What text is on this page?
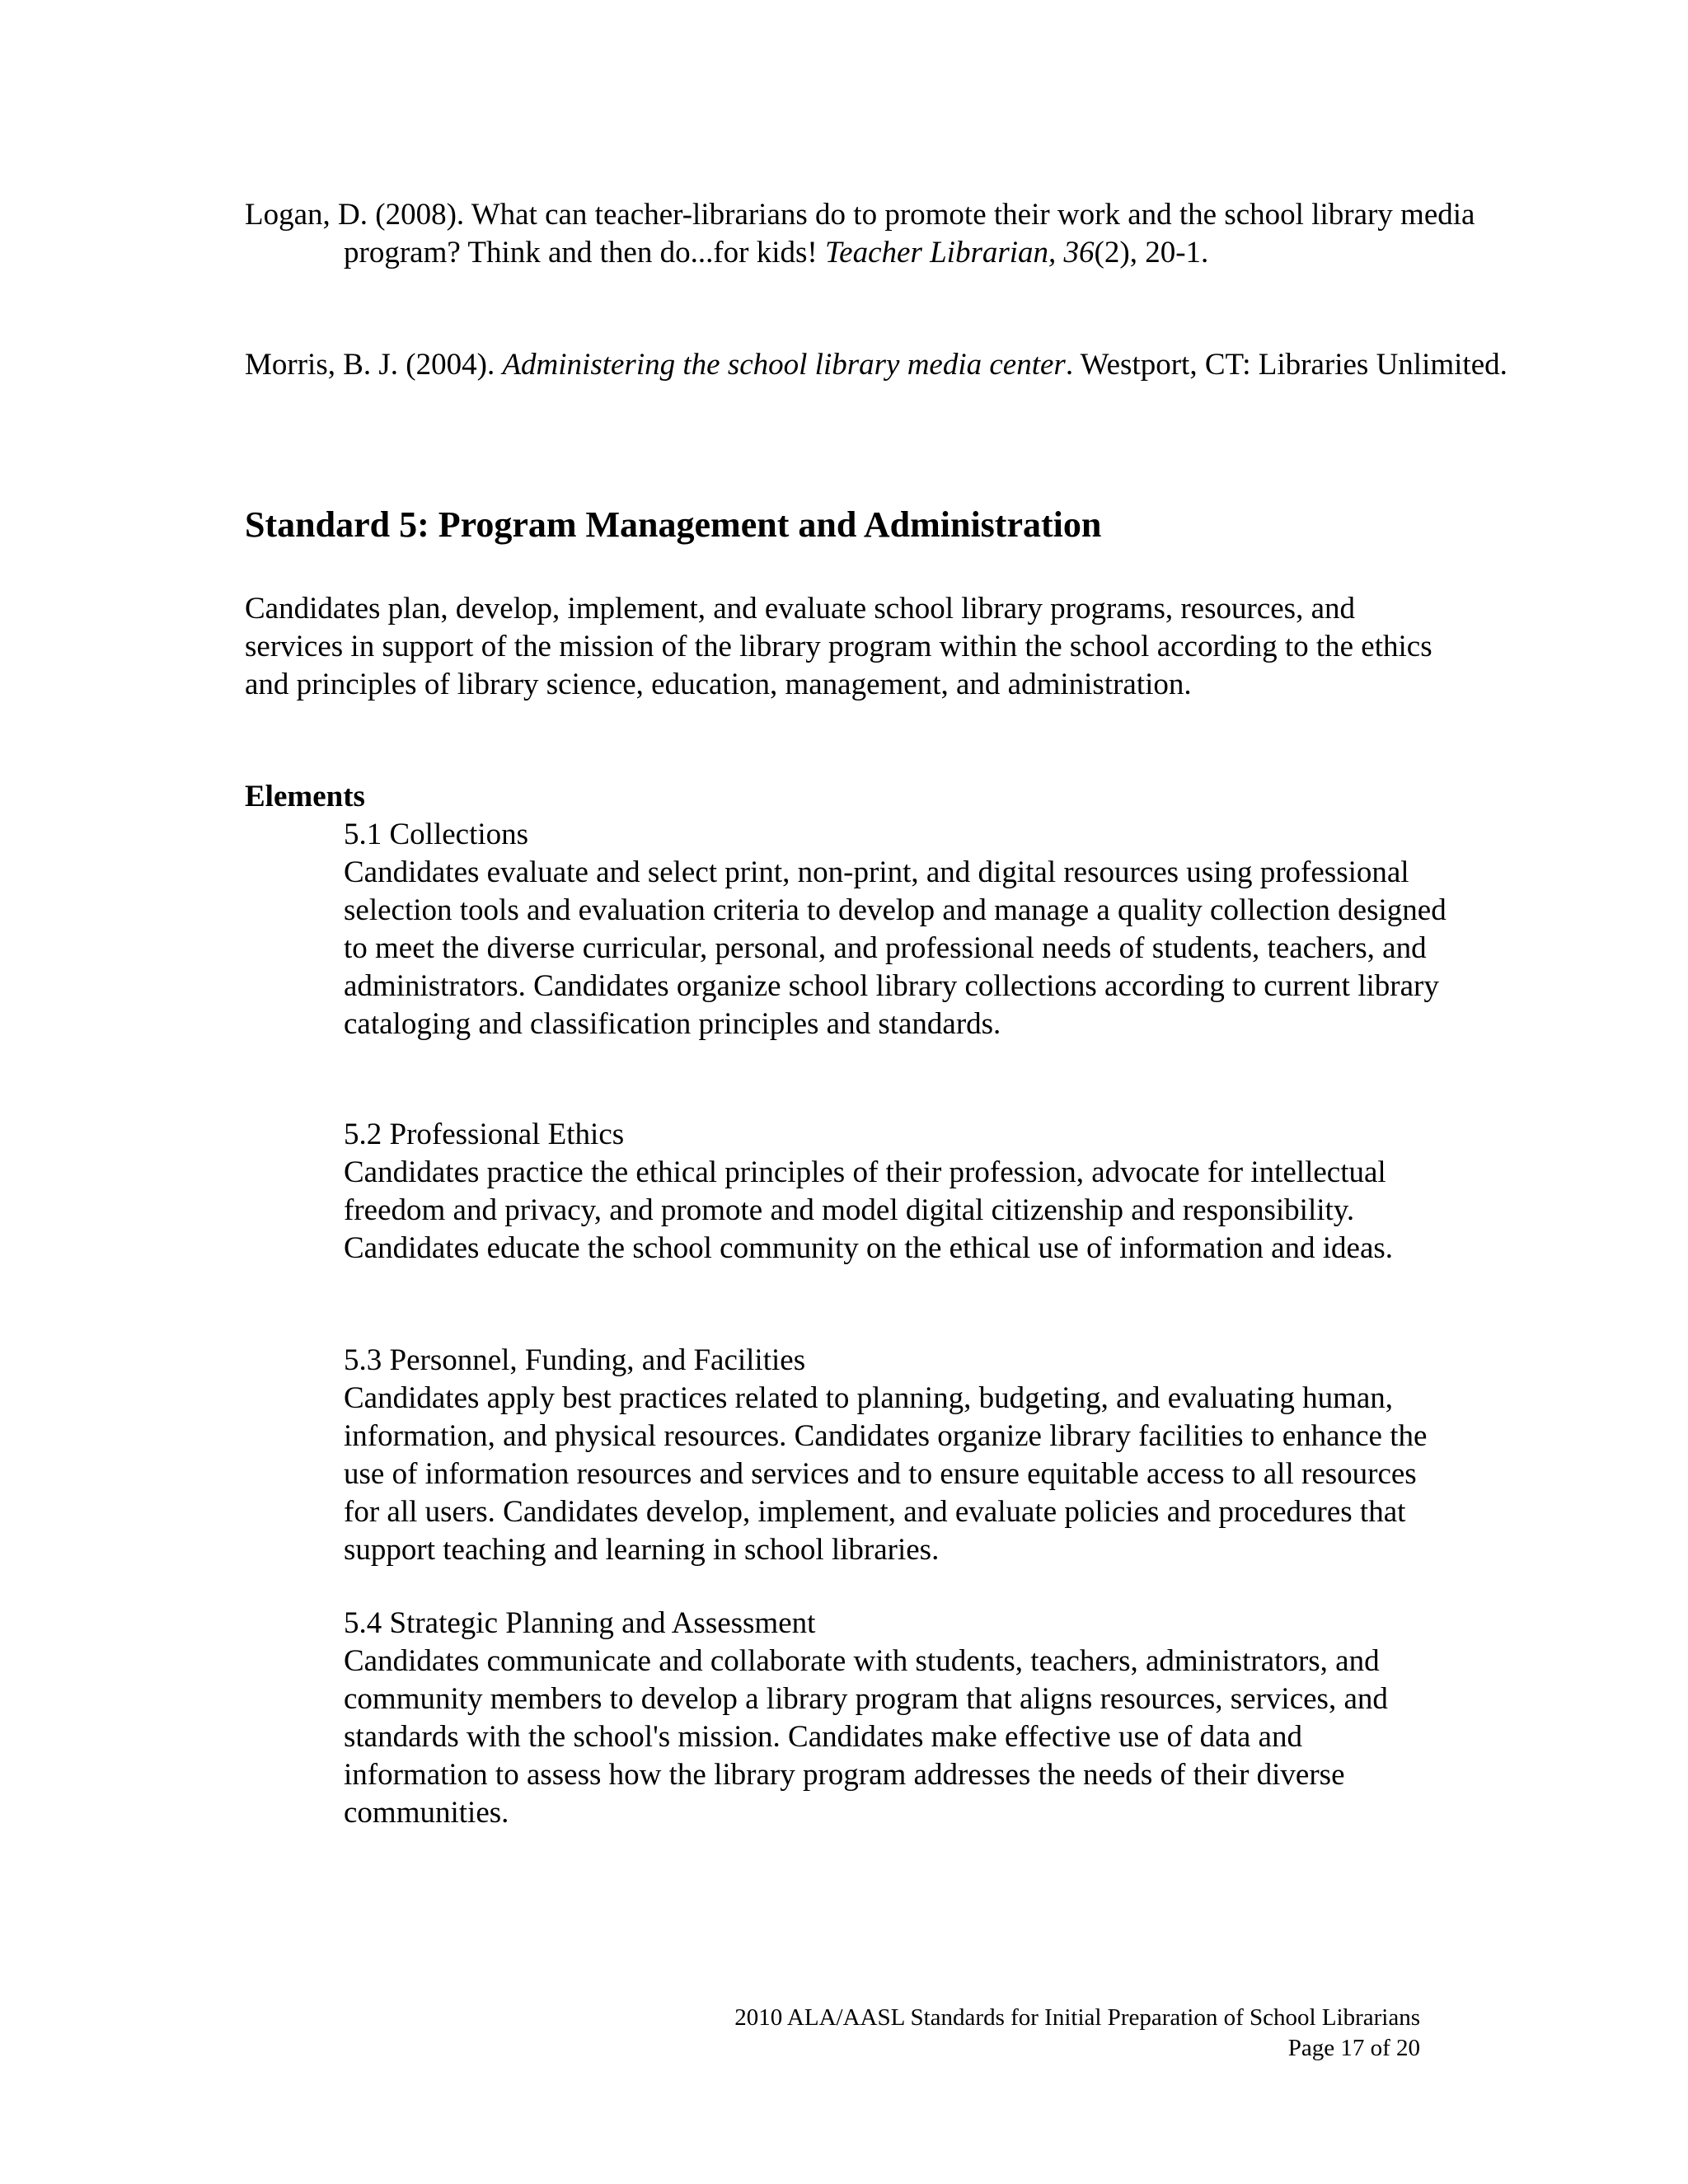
Logan, D. (2008). What can teacher-librarians do to promote their work and the school library media program? Think and then do...for kids! Teacher Librarian, 36(2), 20-1.

Morris, B. J. (2004). Administering the school library media center. Westport, CT: Libraries Unlimited.

Standard 5: Program Management and Administration

Candidates plan, develop, implement, and evaluate school library programs, resources, and services in support of the mission of the library program within the school according to the ethics and principles of library science, education, management, and administration.

Elements
5.1 Collections
Candidates evaluate and select print, non-print, and digital resources using professional selection tools and evaluation criteria to develop and manage a quality collection designed to meet the diverse curricular, personal, and professional needs of students, teachers, and administrators. Candidates organize school library collections according to current library cataloging and classification principles and standards.
5.2 Professional Ethics
Candidates practice the ethical principles of their profession, advocate for intellectual freedom and privacy, and promote and model digital citizenship and responsibility. Candidates educate the school community on the ethical use of information and ideas.
5.3 Personnel, Funding, and Facilities
Candidates apply best practices related to planning, budgeting, and evaluating human, information, and physical resources. Candidates organize library facilities to enhance the use of information resources and services and to ensure equitable access to all resources for all users. Candidates develop, implement, and evaluate policies and procedures that support teaching and learning in school libraries.
5.4 Strategic Planning and Assessment
Candidates communicate and collaborate with students, teachers, administrators, and community members to develop a library program that aligns resources, services, and standards with the school's mission. Candidates make effective use of data and information to assess how the library program addresses the needs of their diverse communities.
2010 ALA/AASL Standards for Initial Preparation of School Librarians
Page 17 of 20
